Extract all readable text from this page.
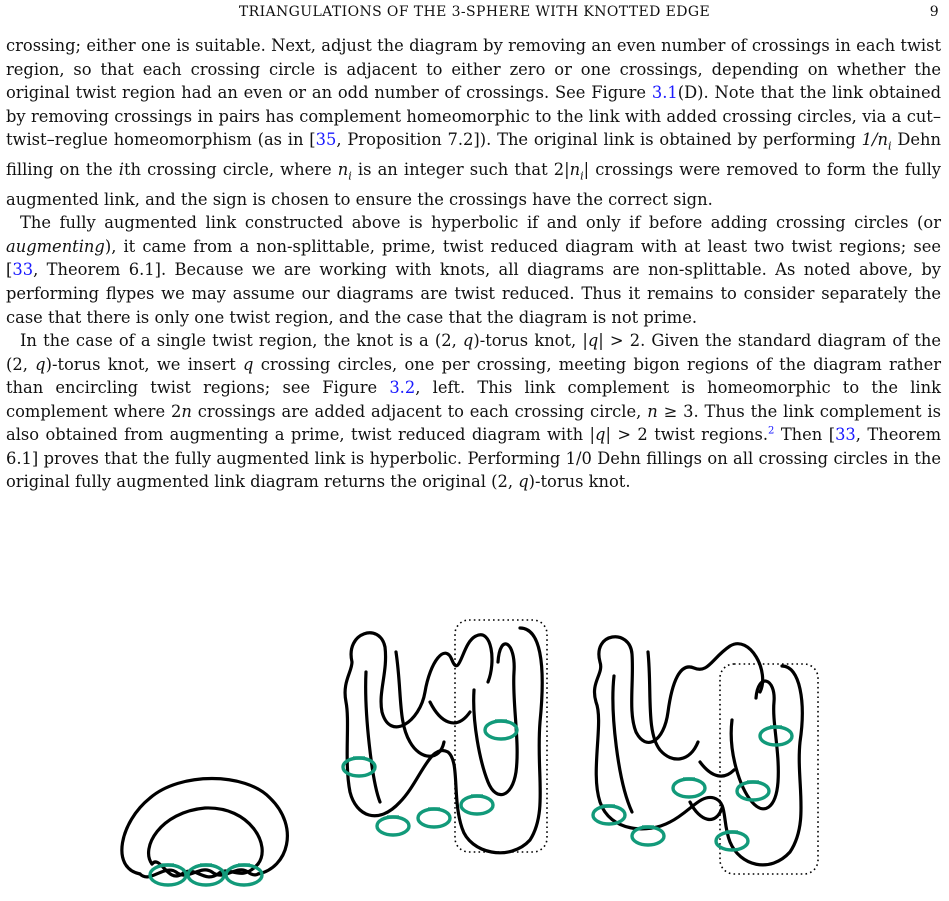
TRIANGULATIONS OF THE 3-SPHERE WITH KNOTTED EDGE	9

crossing; either one is suitable. Next, adjust the diagram by removing an even number of crossings in each twist region, so that each crossing circle is adjacent to either zero or one crossings, depending on whether the original twist region had an even or an odd number of crossings. See Figure 3.1(D). Note that the link obtained by removing crossings in pairs has complement homeomorphic to the link with added crossing circles, via a cut–twist–reglue homeomorphism (as in [35, Proposition 7.2]). The original link is obtained by performing $1/n_i$ Dehn filling on the ith crossing circle, where $n_i$ is an integer such that $2|n_i|$ crossings were removed to form the fully augmented link, and the sign is chosen to ensure the crossings have the correct sign.

The fully augmented link constructed above is hyperbolic if and only if before adding crossing circles (or augmenting), it came from a non-splittable, prime, twist reduced diagram with at least two twist regions; see [33, Theorem 6.1]. Because we are working with knots, all diagrams are non-splittable. As noted above, by performing flypes we may assume our diagrams are twist reduced. Thus it remains to consider separately the case that there is only one twist region, and the case that the diagram is not prime.

In the case of a single twist region, the knot is a (2, q)-torus knot, |q| > 2. Given the standard diagram of the (2, q)-torus knot, we insert q crossing circles, one per crossing, meeting bigon regions of the diagram rather than encircling twist regions; see Figure 3.2, left. This link complement is homeomorphic to the link complement where 2n crossings are added adjacent to each crossing circle, n ≥ 3. Thus the link complement is also obtained from augmenting a prime, twist reduced diagram with |q| > 2 twist regions.$^2$ Then [33, Theorem 6.1] proves that the fully augmented link is hyperbolic. Performing 1/0 Dehn fillings on all crossing circles in the original fully augmented link diagram returns the original (2, q)-torus knot.
